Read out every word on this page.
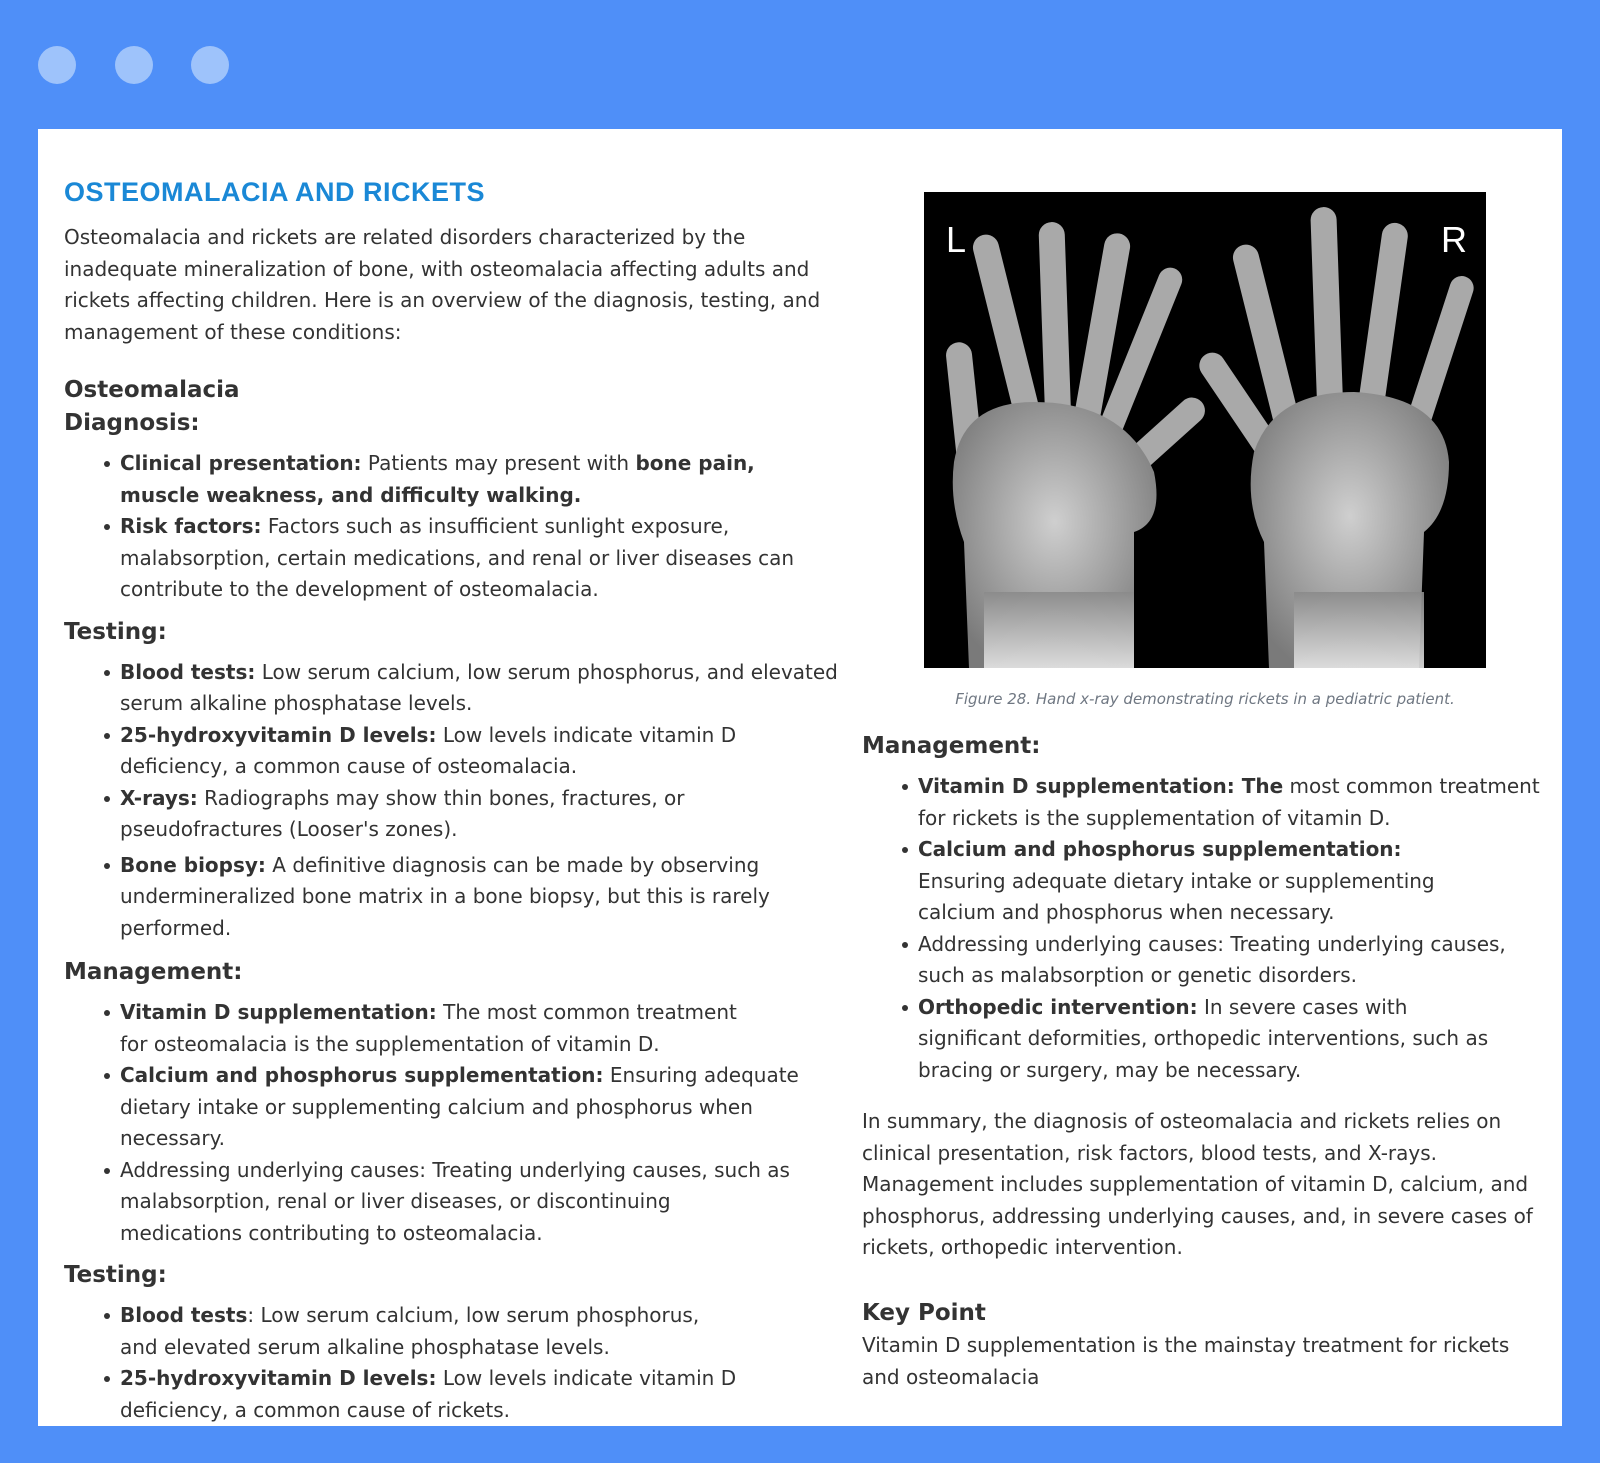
OSTEOMALACIA AND RICKETS

Osteomalacia and rickets are related disorders characterized by the inadequate mineralization of bone, with osteomalacia affecting adults and rickets affecting children. Here is an overview of the diagnosis, testing, and management of these conditions:

Osteomalacia
Diagnosis:
Clinical presentation: Patients may present with bone pain, muscle weakness, and difficulty walking.
Risk factors: Factors such as insufficient sunlight exposure, malabsorption, certain medications, and renal or liver diseases can contribute to the development of osteomalacia.
Testing:
Blood tests: Low serum calcium, low serum phosphorus, and elevated serum alkaline phosphatase levels.
25-hydroxyvitamin D levels: Low levels indicate vitamin D deficiency, a common cause of osteomalacia.
X-rays: Radiographs may show thin bones, fractures, or pseudofractures (Looser's zones).
Bone biopsy: A definitive diagnosis can be made by observing undermineralized bone matrix in a bone biopsy, but this is rarely performed.
Management:
Vitamin D supplementation: The most common treatment for osteomalacia is the supplementation of vitamin D.
Calcium and phosphorus supplementation: Ensuring adequate dietary intake or supplementing calcium and phosphorus when necessary.
Addressing underlying causes: Treating underlying causes, such as malabsorption, renal or liver diseases, or discontinuing medications contributing to osteomalacia.
Testing:
Blood tests: Low serum calcium, low serum phosphorus, and elevated serum alkaline phosphatase levels.
25-hydroxyvitamin D levels: Low levels indicate vitamin D deficiency, a common cause of rickets.
L	R
Figure 28. Hand x-ray demonstrating rickets in a pediatric patient.
Management:
Vitamin D supplementation: The most common treatment for rickets is the supplementation of vitamin D.
Calcium and phosphorus supplementation: Ensuring adequate dietary intake or supplementing calcium and phosphorus when necessary.
Addressing underlying causes: Treating underlying causes, such as malabsorption or genetic disorders.
Orthopedic intervention: In severe cases with significant deformities, orthopedic interventions, such as bracing or surgery, may be necessary.

In summary, the diagnosis of osteomalacia and rickets relies on clinical presentation, risk factors, blood tests, and X-rays. Management includes supplementation of vitamin D, calcium, and phosphorus, addressing underlying causes, and, in severe cases of rickets, orthopedic intervention.

Key Point

Vitamin D supplementation is the mainstay treatment for rickets and osteomalacia
